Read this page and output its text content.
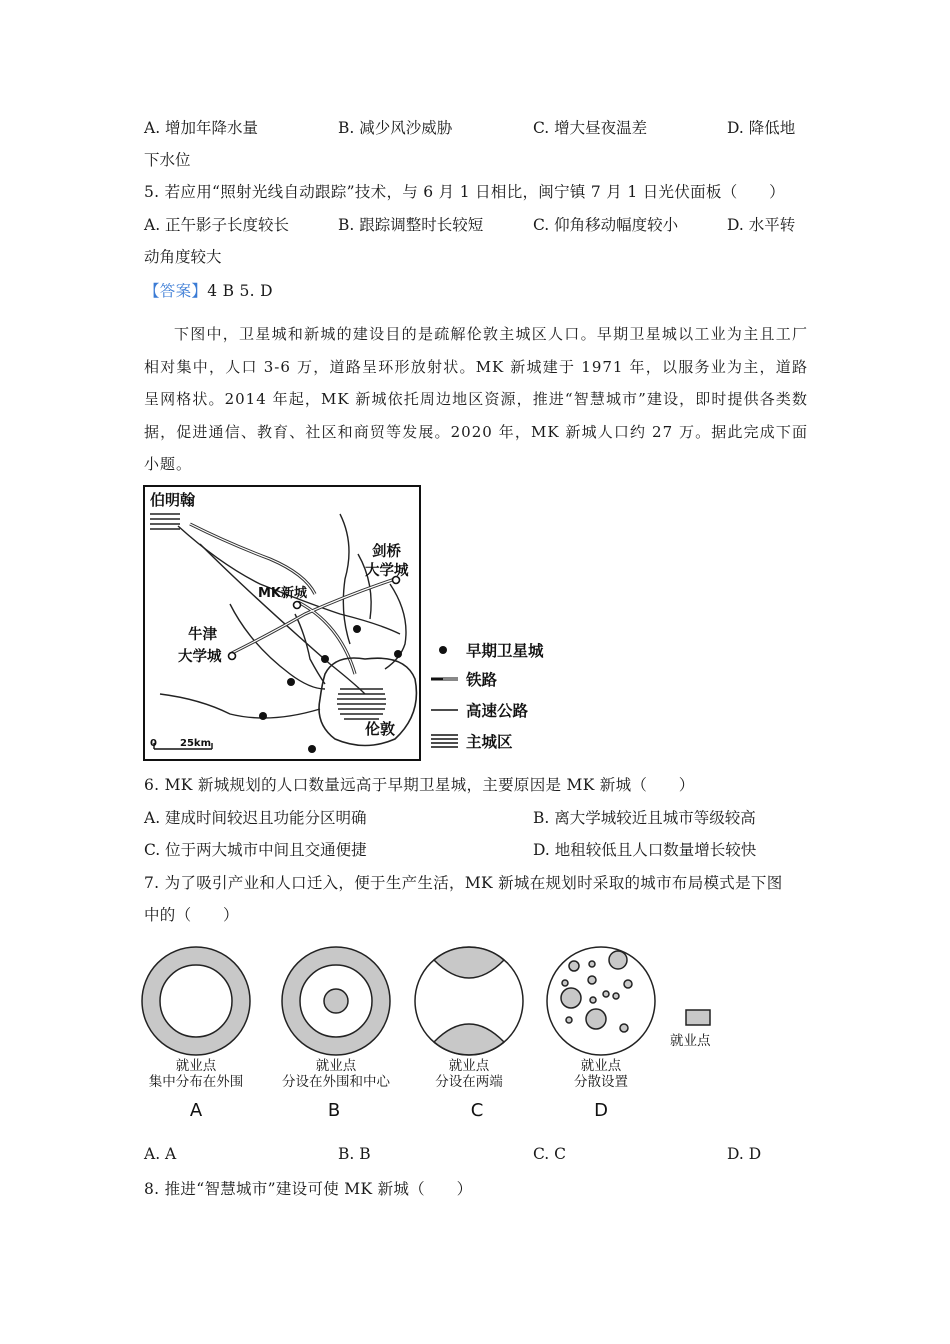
A. 增加年降水量	B. 减少风沙威胁	C. 增大昼夜温差	D. 降低地
下水位
5. 若应用“照射光线自动跟踪”技术，与 6 月 1 日相比，闽宁镇 7 月 1 日光伏面板（　　）
A. 正午影子长度较长	B. 跟踪调整时长较短	C. 仰角移动幅度较小	D. 水平转
动角度较大
【答案】4 B 5. D
下图中，卫星城和新城的建设目的是疏解伦敦主城区人口。早期卫星城以工业为主且工厂相对集中，人口 3-6 万，道路呈环形放射状。MK 新城建于 1971 年，以服务业为主，道路呈网格状。2014 年起，MK 新城依托周边地区资源，推进“智慧城市”建设，即时提供各类数据，促进通信、教育、社区和商贸等发展。2020 年，MK 新城人口约 27 万。据此完成下面小题。
伯明翰
剑桥
大学城
MK新城
牛津
大学城
伦敦
0 25km
早期卫星城
铁路
高速公路
主城区
6. MK 新城规划的人口数量远高于早期卫星城，主要原因是 MK 新城（　　）
A. 建成时间较迟且功能分区明确	B. 离大学城较近且城市等级较高
C. 位于两大城市中间且交通便捷	D. 地租较低且人口数量增长较快
7. 为了吸引产业和人口迁入，便于生产生活，MK 新城在规划时采取的城市布局模式是下图
中的（　　）
就业点
就业点
集中分布在外围
A
就业点
分设在外围和中心
B
就业点
分设在两端
C
就业点
分散设置
D
A. A	B. B	C. C	D. D
8. 推进“智慧城市”建设可使 MK 新城（　　）
